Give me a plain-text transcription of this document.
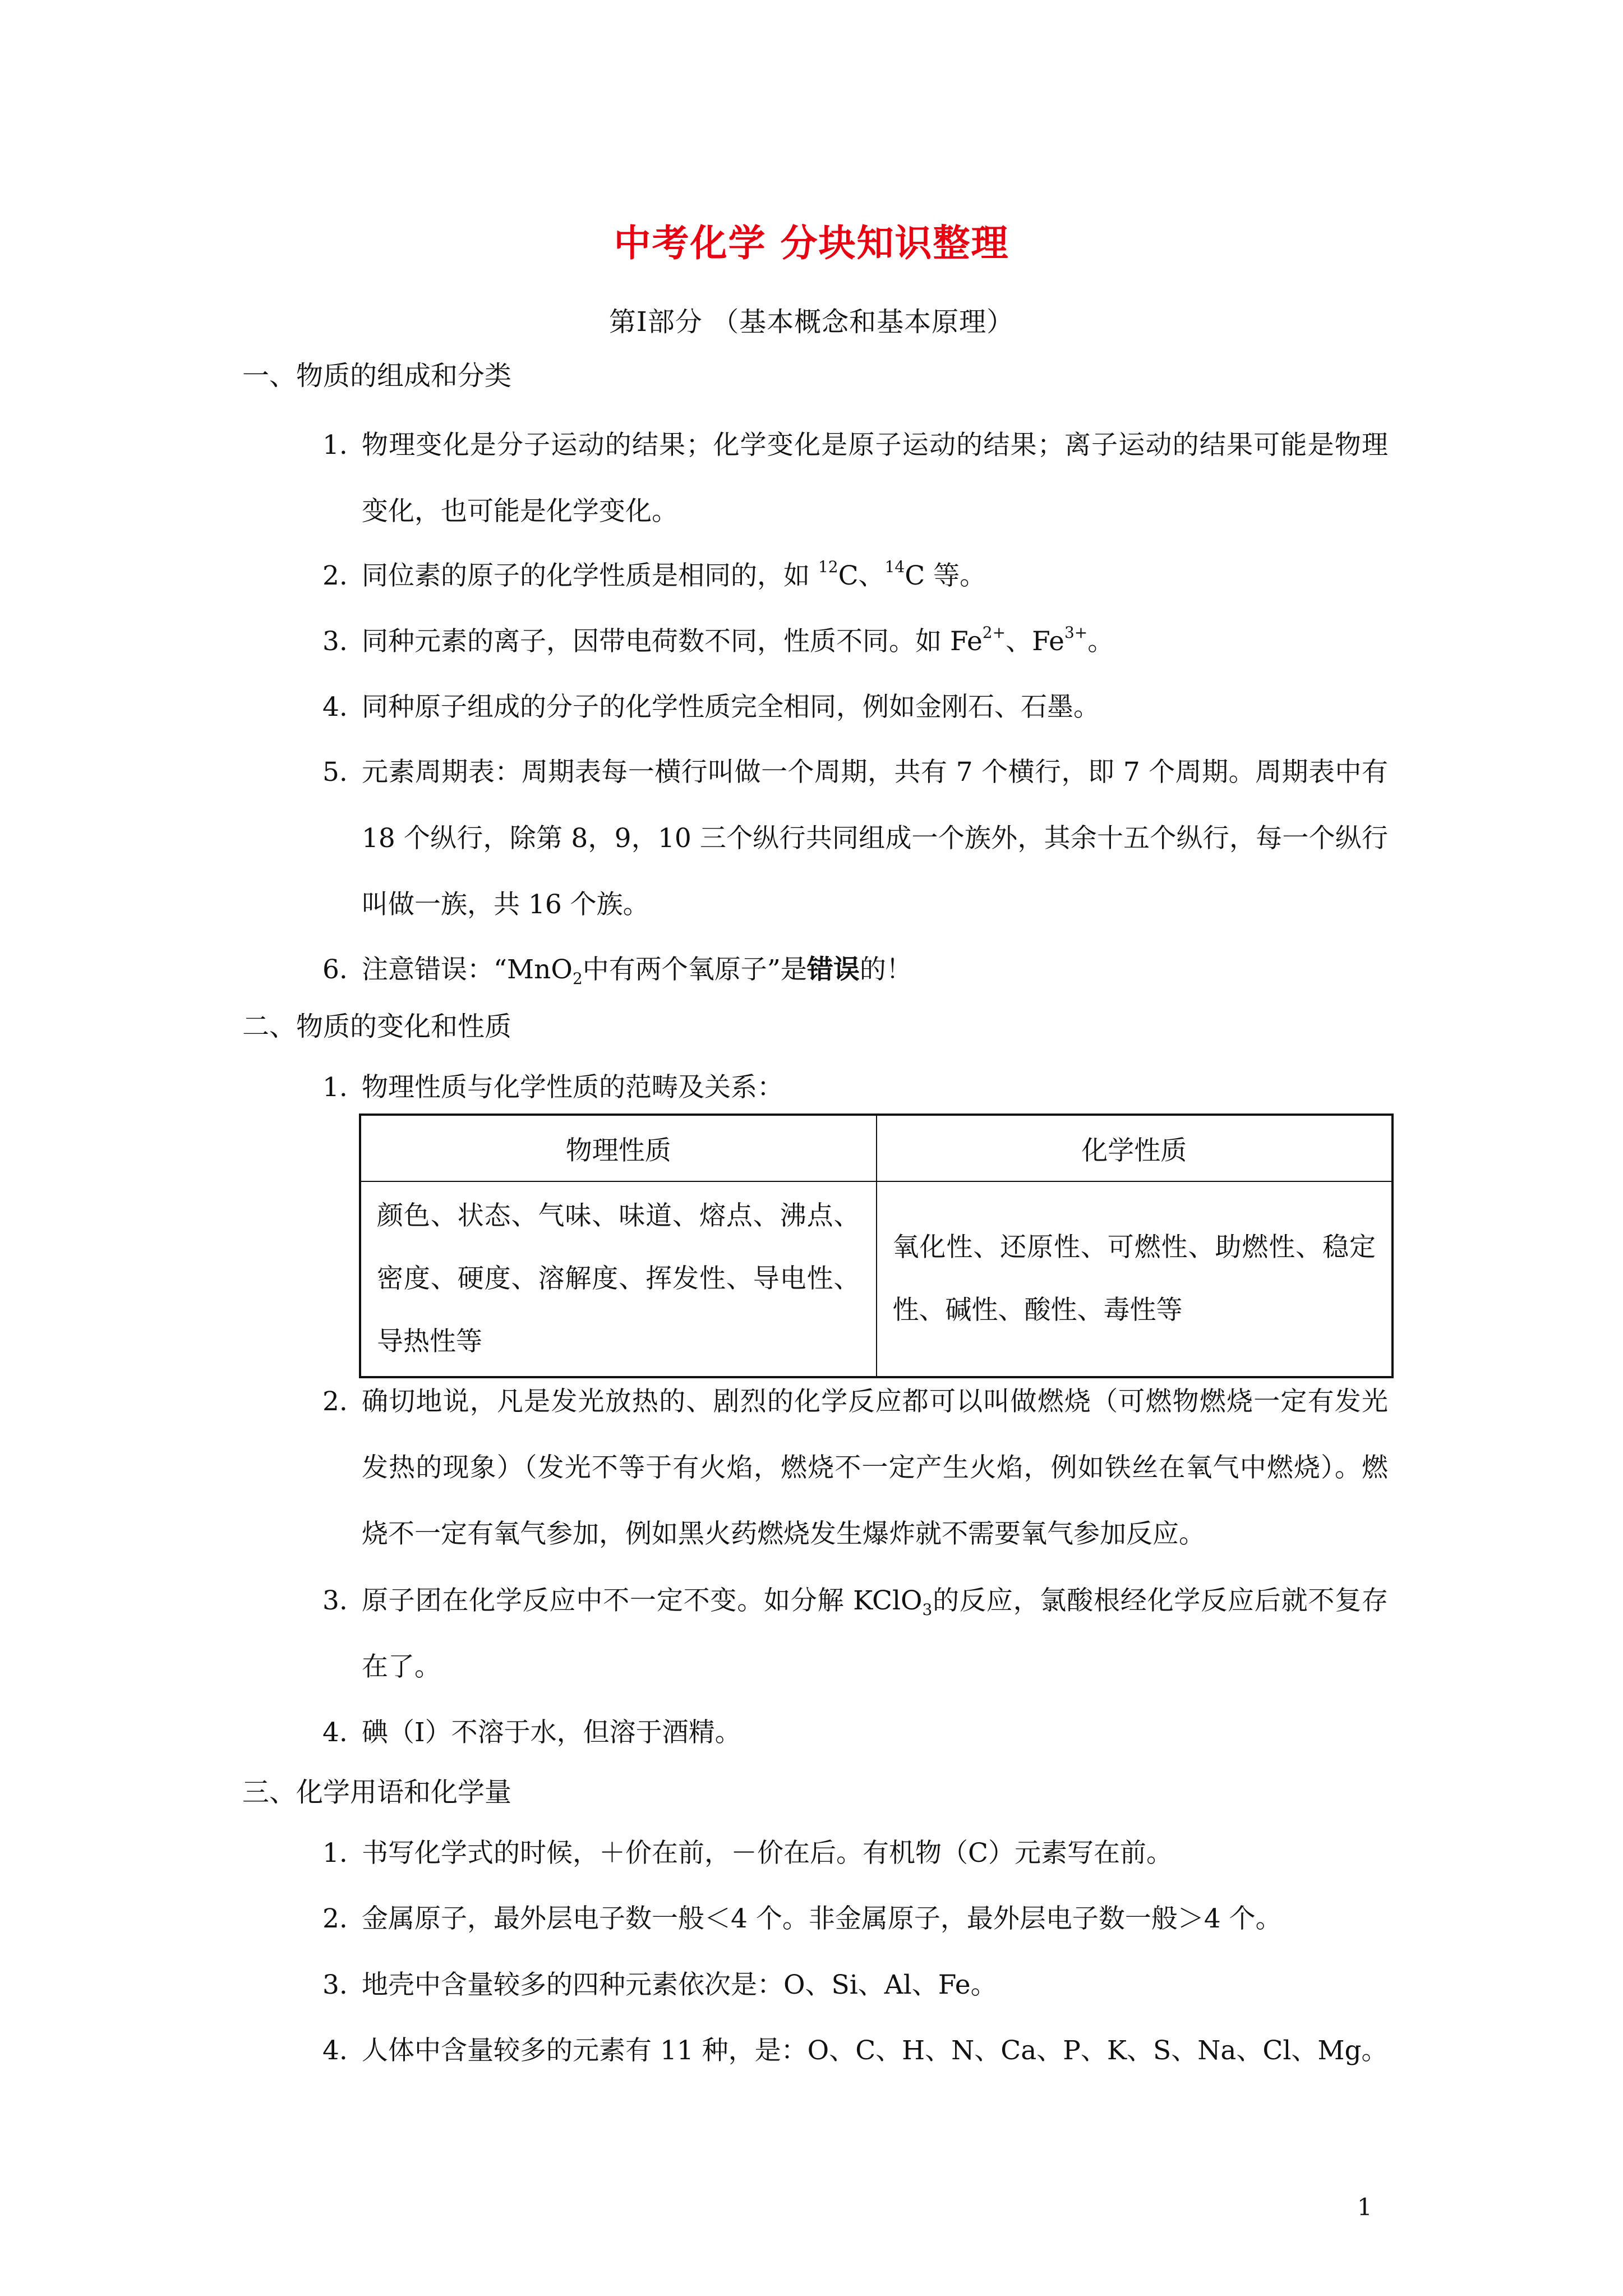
中考化学 分块知识整理
第Ⅰ部分 （基本概念和基本原理）
一、物质的组成和分类
1. 物理变化是分子运动的结果；化学变化是原子运动的结果；离子运动的结果可能是物理变化，也可能是化学变化。
2. 同位素的原子的化学性质是相同的，如 $^{12}$C、$^{14}$C 等。
3. 同种元素的离子，因带电荷数不同，性质不同。如 $Fe^{2+}$、$Fe^{3+}$。
4. 同种原子组成的分子的化学性质完全相同，例如金刚石、石墨。
5. 元素周期表：周期表每一横行叫做一个周期，共有 7 个横行，即 7 个周期。周期表中有 18 个纵行，除第 8，9，10 三个纵行共同组成一个族外，其余十五个纵行，每一个纵行叫做一族，共 16 个族。
6. 注意错误：“MnO$_2$中有两个氧原子”是错误的！
二、物质的变化和性质
1. 物理性质与化学性质的范畴及关系：
物理性质	化学性质
颜色、状态、气味、味道、熔点、沸点、密度、硬度、溶解度、挥发性、导电性、导热性等	氧化性、还原性、可燃性、助燃性、稳定性、碱性、酸性、毒性等
2. 确切地说，凡是发光放热的、剧烈的化学反应都可以叫做燃烧（可燃物燃烧一定有发光发热的现象）（发光不等于有火焰，燃烧不一定产生火焰，例如铁丝在氧气中燃烧）。燃烧不一定有氧气参加，例如黑火药燃烧发生爆炸就不需要氧气参加反应。
3. 原子团在化学反应中不一定不变。如分解 KClO$_3$的反应，氯酸根经化学反应后就不复存在了。
4. 碘（I）不溶于水，但溶于酒精。
三、化学用语和化学量
1. 书写化学式的时候，＋价在前，－价在后。有机物（C）元素写在前。
2. 金属原子，最外层电子数一般＜4 个。非金属原子，最外层电子数一般＞4 个。
3. 地壳中含量较多的四种元素依次是：O、Si、Al、Fe。
4. 人体中含量较多的元素有 11 种，是：O、C、H、N、Ca、P、K、S、Na、Cl、Mg。
1
